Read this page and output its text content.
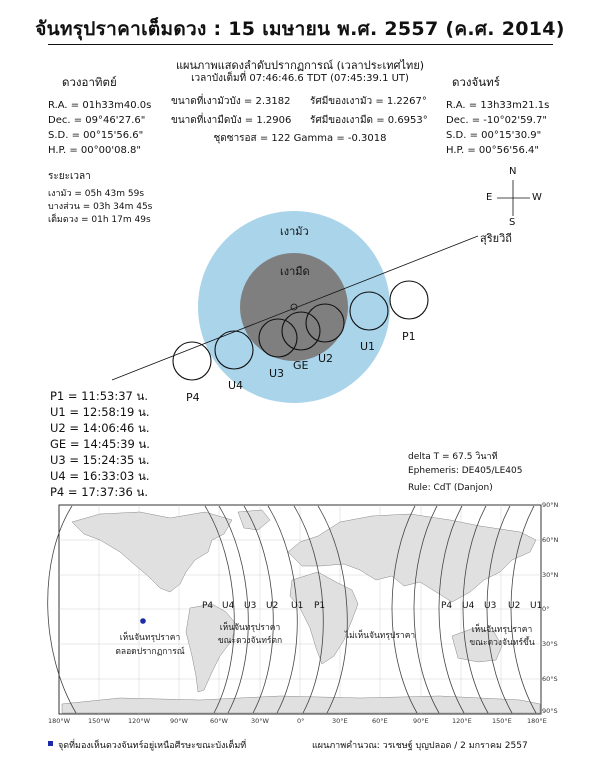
จันทรุปราคาเต็มดวง : 15 เมษายน พ.ศ. 2557 (ค.ศ. 2014)
แผนภาพแสดงลำดับปรากฏการณ์ (เวลาประเทศไทย)
เวลาบังเต็มที่ 07:46:46.6 TDT (07:45:39.1 UT)
ดวงอาทิตย์
R.A. = 01h33m40.0s
Dec. = 09°46'27.6"
S.D. = 00°15'56.6"
H.P. = 00°00'08.8"
ดวงจันทร์
R.A. = 13h33m21.1s
Dec. = -10°02'59.7"
S.D. = 00°15'30.9"
H.P. = 00°56'56.4"
ขนาดที่เงามัวบัง = 2.3182
ขนาดที่เงามืดบัง = 1.2906
รัศมีของเงามัว = 1.2267°
รัศมีของเงามืด = 0.6953°
ชุดซารอส = 122 Gamma = -0.3018
ระยะเวลา
เงามัว = 05h 43m 59s
บางส่วน = 03h 34m 45s
เต็มดวง = 01h 17m 49s
เงามัว
เงามืด
สุริยวิถี
N
S
E	W
P1
U1
U2
GE
U3
U4
P4
P1 = 11:53:37 น.
U1 = 12:58:19 น.
U2 = 14:06:46 น.
GE = 14:45:39 น.
U3 = 15:24:35 น.
U4 = 16:33:03 น.
P4 = 17:37:36 น.
delta T = 67.5 วินาที
Ephemeris: DE405/LE405
Rule: CdT (Danjon)
P4 U4 U3 U2 U1 P1	P4 U4 U3 U2 U1
เห็นจันทรุปราคา
ตลอดปรากฏการณ์
เห็นจันทรุปราคา
ขณะดวงจันทร์ตก	ไม่เห็นจันทรุปราคา
เห็นจันทรุปราคา
ขณะดวงจันทร์ขึ้น
180°W	150°W	120°W	90°W	60°W	30°W	0°	30°E	60°E	90°E	120°E	150°E 180°E
90°N
60°N
30°N
0°
30°S
60°S
90°S
จุดที่มองเห็นดวงจันทร์อยู่เหนือศีรษะขณะบังเต็มที่	แผนภาพคำนวณ: วรเชษฐ์ บุญปลอด / 2 มกราคม 2557
